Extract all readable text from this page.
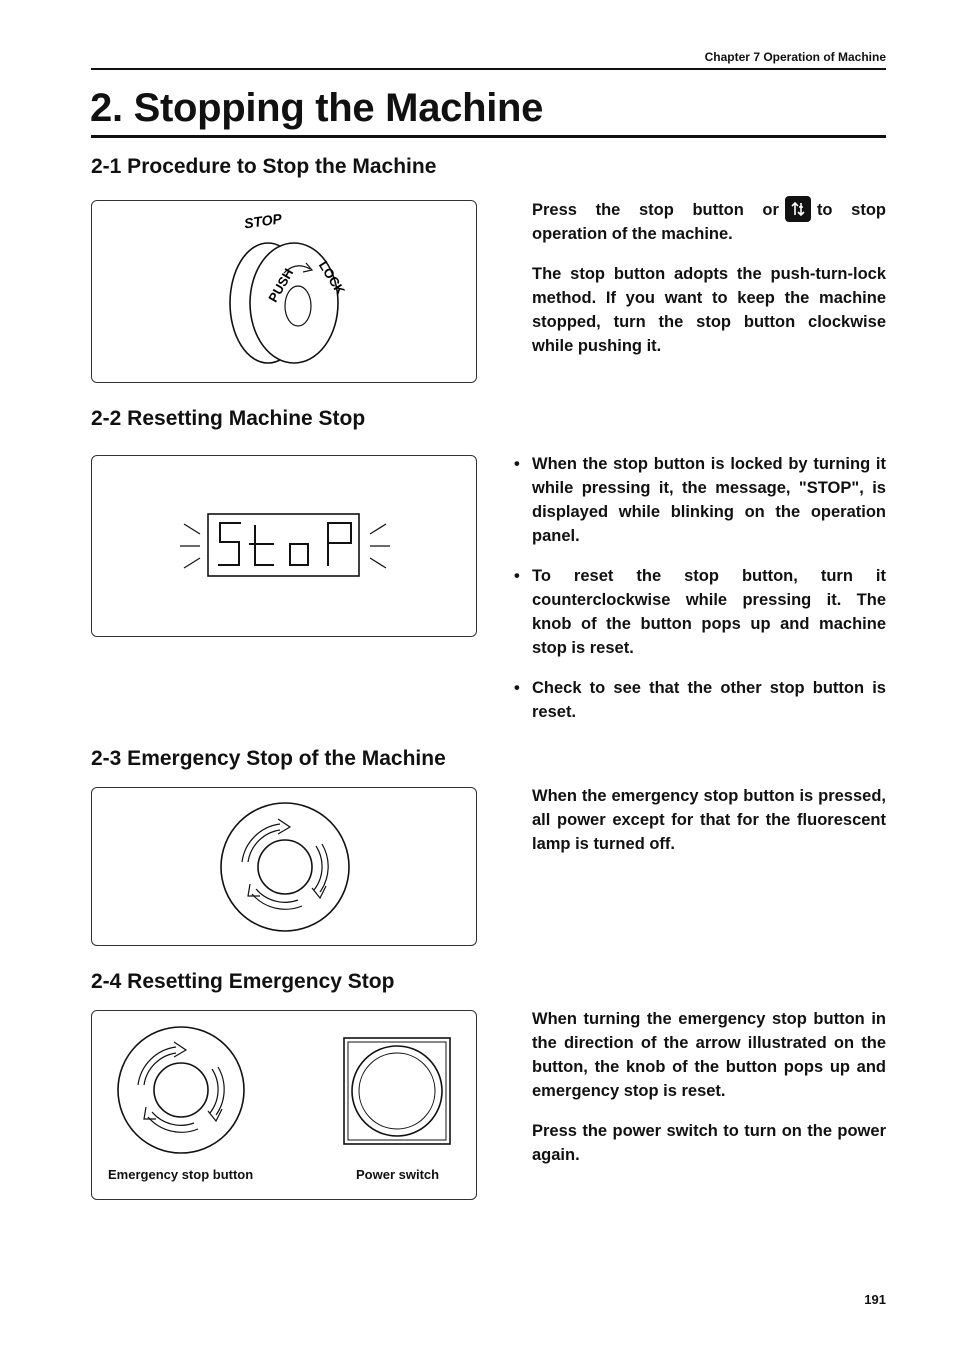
Chapter 7 Operation of Machine
2. Stopping the Machine
2-1 Procedure to Stop the Machine
STOP
PUSH LOCK

Press the stop button or to stop operation of the machine.

The stop button adopts the push-turn-lock method. If you want to keep the machine stopped, turn the stop button clockwise while pushing it.

2-2 Resetting Machine Stop
• When the stop button is locked by turning it while pressing it, the message, "STOP", is displayed while blinking on the operation panel.
• To reset the stop button, turn it counterclockwise while pressing it. The knob of the button pops up and machine stop is reset.
• Check to see that the other stop button is reset.
2-3 Emergency Stop of the Machine

When the emergency stop button is pressed, all power except for that for the fluorescent lamp is turned off.

2-4 Resetting Emergency Stop
Emergency stop button	Power switch

When turning the emergency stop button in the direction of the arrow illustrated on the button, the knob of the button pops up and emergency stop is reset.

Press the power switch to turn on the power again.

191
